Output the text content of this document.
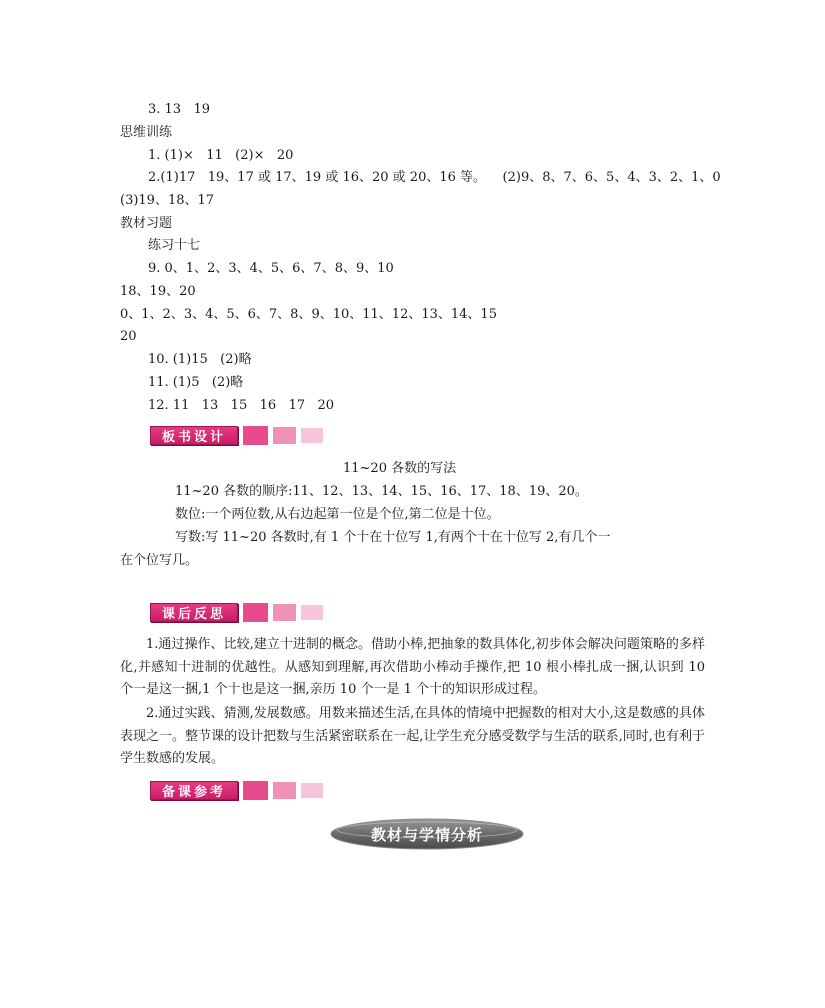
3. 13   19
思维训练
1. (1)×   11   (2)×   20
2.(1)17   19、17 或 17、19 或 16、20 或 20、16 等。    (2)9、8、7、6、5、4、3、2、1、0
(3)19、18、17
教材习题
练习十七
9. 0、1、2、3、4、5、6、7、8、9、10
18、19、20
0、1、2、3、4、5、6、7、8、9、10、11、12、13、14、15
20
10. (1)15   (2)略
11. (1)5   (2)略
12. 11   13   15   16   17   20
板书设计
11~20 各数的写法
11~20 各数的顺序:11、12、13、14、15、16、17、18、19、20。
数位:一个两位数,从右边起第一位是个位,第二位是十位。
写数:写 11~20 各数时,有 1 个十在十位写 1,有两个十在十位写 2,有几个一
在个位写几。
课后反思

1.通过操作、比较,建立十进制的概念。借助小棒,把抽象的数具体化,初步体会解决问题策略的多样化,并感知十进制的优越性。从感知到理解,再次借助小棒动手操作,把 10 根小棒扎成一捆,认识到 10 个一是这一捆,1 个十也是这一捆,亲历 10 个一是 1 个十的知识形成过程。

2.通过实践、猜测,发展数感。用数来描述生活,在具体的情境中把握数的相对大小,这是数感的具体表现之一。整节课的设计把数与生活紧密联系在一起,让学生充分感受数学与生活的联系,同时,也有利于学生数感的发展。

备课参考
教材与学情分析
